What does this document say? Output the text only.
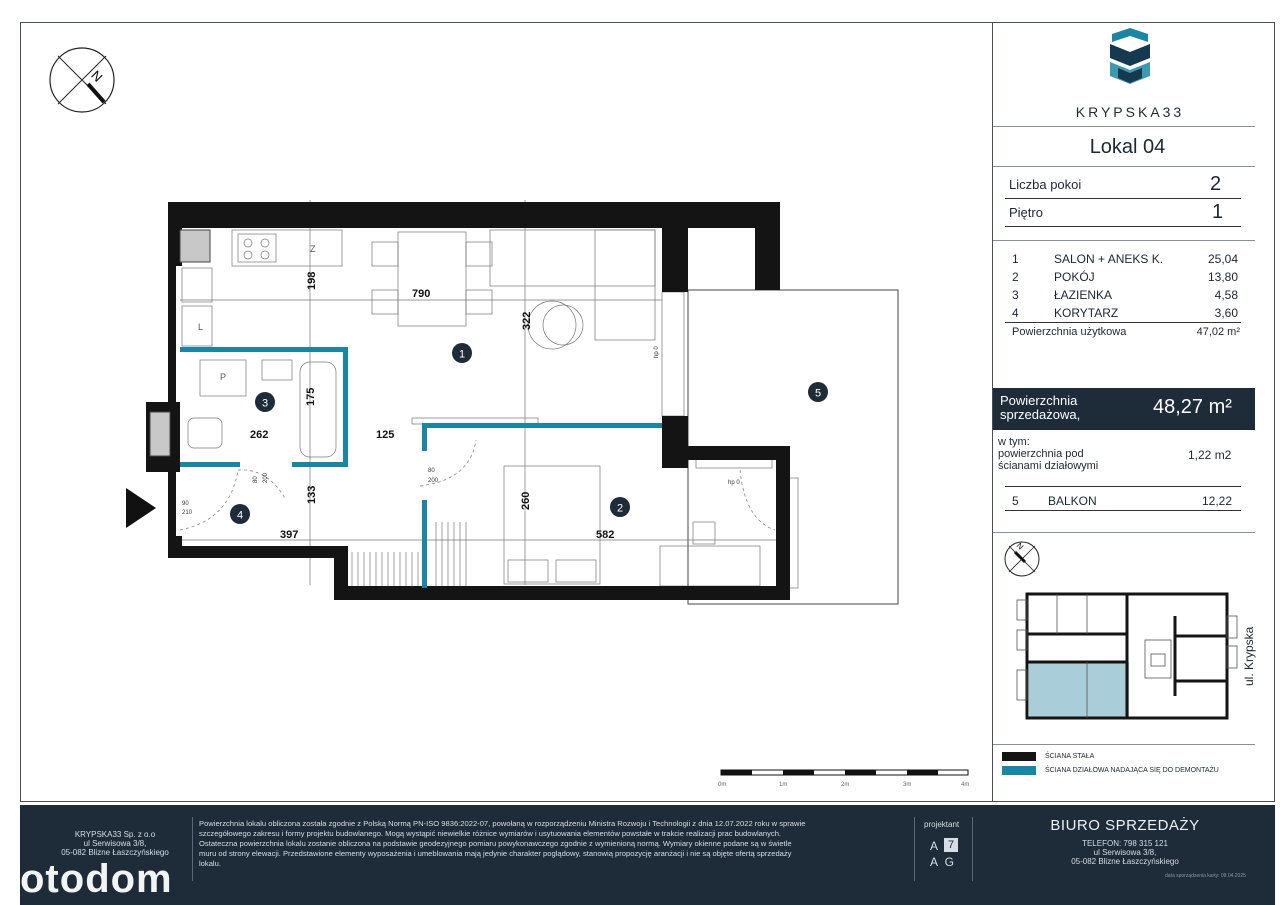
N
1
2
3
4
5
198
790
322
175
262	125
133
397
260
582
80 200
80
200
90
210
hp 0
hp 0
Z
L
P
0m	1m	2m	3m	4m
KRYPSKA33
Lokal 04
Liczba pokoi	2
Piętro	1
1	SALON + ANEKS K.	25,04
2	POKÓJ	13,80
3	ŁAZIENKA	4,58
4	KORYTARZ	3,60
Powierzchnia użytkowa	47,02 m²
Powierzchnia
sprzedażowa,	48,27 m²
w tym:
powierzchnia pod
ścianami działowymi
1,22 m2
5 BALKON	12,22
N
ul. Krypska
ŚCIANA STAŁA
ŚCIANA DZIAŁOWA NADAJĄCA SIĘ DO DEMONTAŻU
KRYPSKA33 Sp. z o.o
ul Serwisowa 3/8,
05-082 Blizne Łaszczyńskiego
Powierzchnia lokalu obliczona została zgodnie z Polską Normą PN-ISO 9836:2022-07, powołaną w rozporządzeniu Ministra Rozwoju i Technologii z dnia 12.07.2022 roku w sprawie
szczegółowego zakresu i formy projektu budowlanego. Mogą wystąpić niewielkie różnice wymiarów i usytuowania elementów powstałe w trakcie realizacji prac budowlanych.
Ostateczna powierzchnia lokalu zostanie obliczona na podstawie geodezyjnego pomiaru powykonawczego zgodnie z wymienioną normą. Wymiary okienne podane są w świetle
muru od strony elewacji. Przedstawione elementy wyposażenia i umeblowania mają jedynie charakter poglądowy, stanowią propozycję aranżacji i nie są objęte ofertą sprzedaży
lokalu.
projektant
A 7
A G
BIURO SPRZEDAŻY
TELEFON: 798 315 121
ul Serwisowa 3/8,
05-082 Blizne Łaszczyńskiego
data sporządzenia karty: 09.04.2025
otodom
